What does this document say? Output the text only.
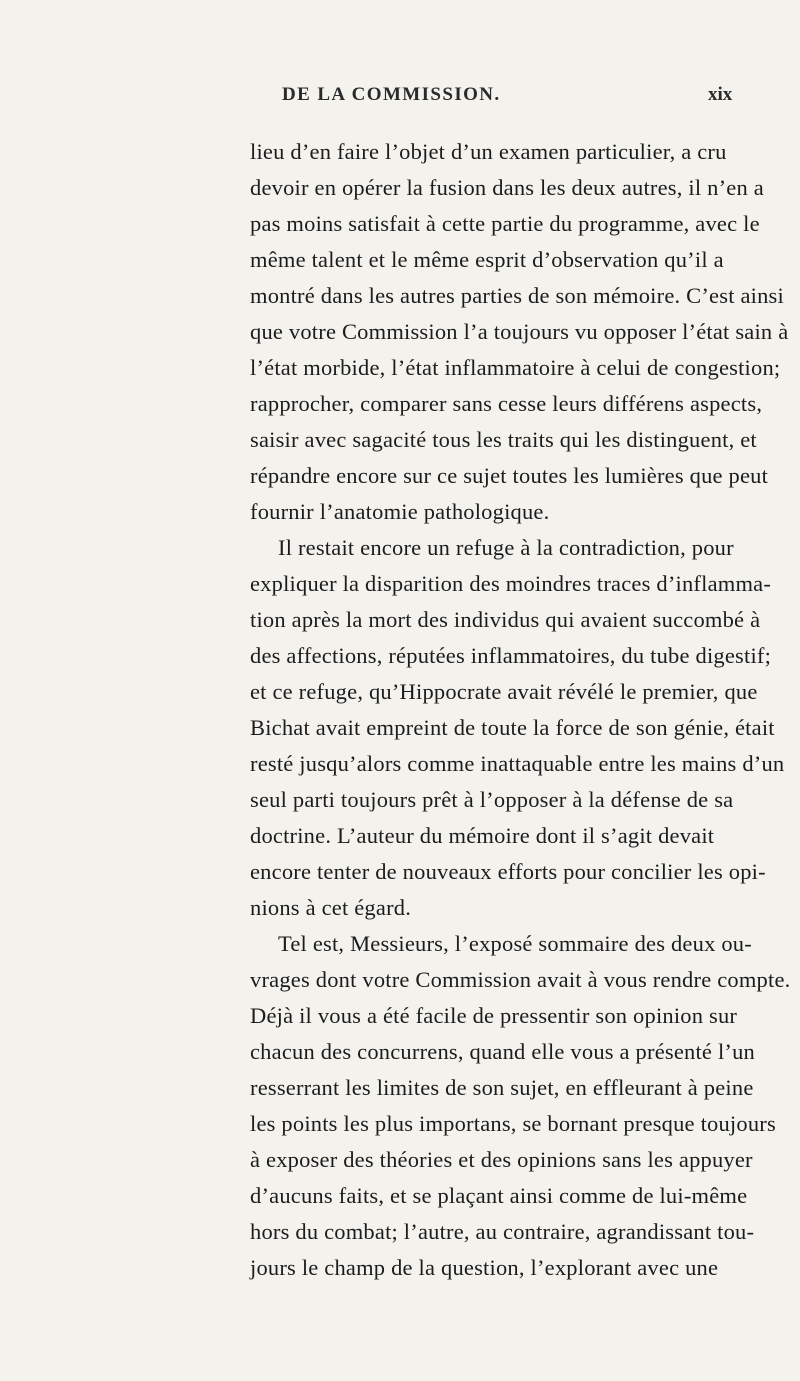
DE LA COMMISSION.	xix
lieu d’en faire l’objet d’un examen particulier, a cru
devoir en opérer la fusion dans les deux autres, il n’en a
pas moins satisfait à cette partie du programme, avec le
même talent et le même esprit d’observation qu’il a
montré dans les autres parties de son mémoire. C’est ainsi
que votre Commission l’a toujours vu opposer l’état sain à
l’état morbide, l’état inflammatoire à celui de congestion;
rapprocher, comparer sans cesse leurs différens aspects,
saisir avec sagacité tous les traits qui les distinguent, et
répandre encore sur ce sujet toutes les lumières que peut
fournir l’anatomie pathologique.
Il restait encore un refuge à la contradiction, pour
expliquer la disparition des moindres traces d’inflamma-
tion après la mort des individus qui avaient succombé à
des affections, réputées inflammatoires, du tube digestif;
et ce refuge, qu’Hippocrate avait révélé le premier, que
Bichat avait empreint de toute la force de son génie, était
resté jusqu’alors comme inattaquable entre les mains d’un
seul parti toujours prêt à l’opposer à la défense de sa
doctrine. L’auteur du mémoire dont il s’agit devait
encore tenter de nouveaux efforts pour concilier les opi-
nions à cet égard.
Tel est, Messieurs, l’exposé sommaire des deux ou-
vrages dont votre Commission avait à vous rendre compte.
Déjà il vous a été facile de pressentir son opinion sur
chacun des concurrens, quand elle vous a présenté l’un
resserrant les limites de son sujet, en effleurant à peine
les points les plus importans, se bornant presque toujours
à exposer des théories et des opinions sans les appuyer
d’aucuns faits, et se plaçant ainsi comme de lui-même
hors du combat; l’autre, au contraire, agrandissant tou-
jours le champ de la question, l’explorant avec une
